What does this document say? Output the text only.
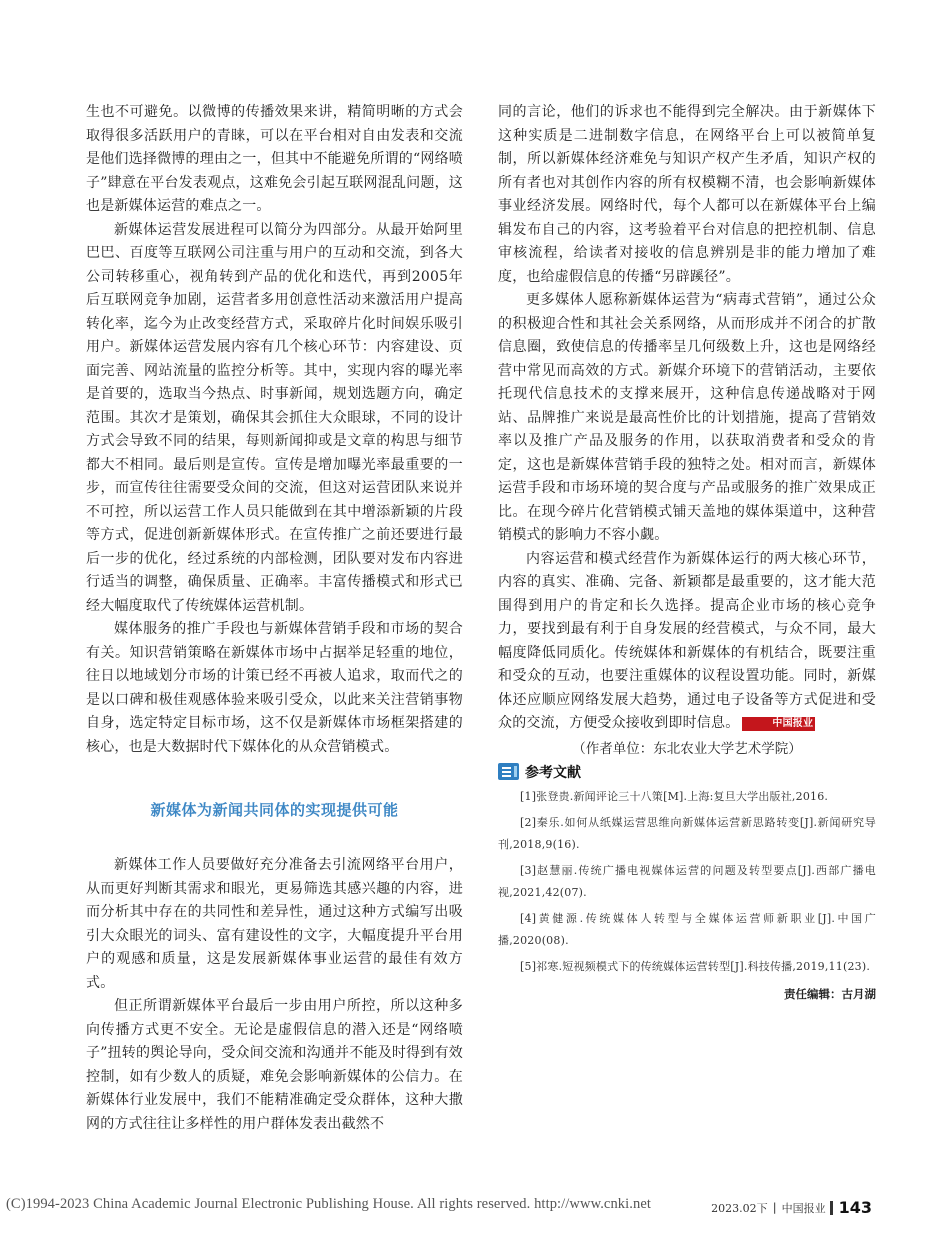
生也不可避免。以微博的传播效果来讲，精简明晰的方式会取得很多活跃用户的青睐，可以在平台相对自由发表和交流是他们选择微博的理由之一，但其中不能避免所谓的“网络喷子”肆意在平台发表观点，这难免会引起互联网混乱问题，这也是新媒体运营的难点之一。

新媒体运营发展进程可以简分为四部分。从最开始阿里巴巴、百度等互联网公司注重与用户的互动和交流，到各大公司转移重心，视角转到产品的优化和迭代，再到2005年后互联网竞争加剧，运营者多用创意性活动来激活用户提高转化率，迄今为止改变经营方式，采取碎片化时间娱乐吸引用户。新媒体运营发展内容有几个核心环节：内容建设、页面完善、网站流量的监控分析等。其中，实现内容的曝光率是首要的，选取当今热点、时事新闻，规划选题方向，确定范围。其次才是策划，确保其会抓住大众眼球，不同的设计方式会导致不同的结果，每则新闻抑或是文章的构思与细节都大不相同。最后则是宣传。宣传是增加曝光率最重要的一步，而宣传往往需要受众间的交流，但这对运营团队来说并不可控，所以运营工作人员只能做到在其中增添新颖的片段等方式，促进创新新媒体形式。在宣传推广之前还要进行最后一步的优化，经过系统的内部检测，团队要对发布内容进行适当的调整，确保质量、正确率。丰富传播模式和形式已经大幅度取代了传统媒体运营机制。

媒体服务的推广手段也与新媒体营销手段和市场的契合有关。知识营销策略在新媒体市场中占据举足轻重的地位，往日以地域划分市场的计策已经不再被人追求，取而代之的是以口碑和极佳观感体验来吸引受众，以此来关注营销事物自身，选定特定目标市场，这不仅是新媒体市场框架搭建的核心，也是大数据时代下媒体化的从众营销模式。

新媒体为新闻共同体的实现提供可能

新媒体工作人员要做好充分准备去引流网络平台用户，从而更好判断其需求和眼光，更易筛选其感兴趣的内容，进而分析其中存在的共同性和差异性，通过这种方式编写出吸引大众眼光的词头、富有建设性的文字，大幅度提升平台用户的观感和质量，这是发展新媒体事业运营的最佳有效方式。

但正所谓新媒体平台最后一步由用户所控，所以这种多向传播方式更不安全。无论是虚假信息的潜入还是“网络喷子”扭转的舆论导向，受众间交流和沟通并不能及时得到有效控制，如有少数人的质疑，难免会影响新媒体的公信力。在新媒体行业发展中，我们不能精准确定受众群体，这种大撒网的方式往往让多样性的用户群体发表出截然不

同的言论，他们的诉求也不能得到完全解决。由于新媒体下这种实质是二进制数字信息，在网络平台上可以被简单复制，所以新媒体经济难免与知识产权产生矛盾，知识产权的所有者也对其创作内容的所有权模糊不清，也会影响新媒体事业经济发展。网络时代，每个人都可以在新媒体平台上编辑发布自己的内容，这考验着平台对信息的把控机制、信息审核流程，给读者对接收的信息辨别是非的能力增加了难度，也给虚假信息的传播“另辟蹊径”。

更多媒体人愿称新媒体运营为“病毒式营销”，通过公众的积极迎合性和其社会关系网络，从而形成并不闭合的扩散信息圈，致使信息的传播率呈几何级数上升，这也是网络经营中常见而高效的方式。新媒介环境下的营销活动，主要依托现代信息技术的支撑来展开，这种信息传递战略对于网站、品牌推广来说是最高性价比的计划措施，提高了营销效率以及推广产品及服务的作用，以获取消费者和受众的肯定，这也是新媒体营销手段的独特之处。相对而言，新媒体运营手段和市场环境的契合度与产品或服务的推广效果成正比。在现今碎片化营销模式铺天盖地的媒体渠道中，这种营销模式的影响力不容小觑。

内容运营和模式经营作为新媒体运行的两大核心环节，内容的真实、准确、完备、新颖都是最重要的，这才能大范围得到用户的肯定和长久选择。提高企业市场的核心竞争力，要找到最有利于自身发展的经营模式，与众不同，最大幅度降低同质化。传统媒体和新媒体的有机结合，既要注重和受众的互动，也要注重媒体的议程设置功能。同时，新媒体还应顺应网络发展大趋势，通过电子设备等方式促进和受众的交流，方便受众接收到即时信息。	中国报业

（作者单位：东北农业大学艺术学院）

参考文献

[1]张登贵.新闻评论三十八策[M].上海:复旦大学出版社,2016.

[2]秦乐.如何从纸媒运营思维向新媒体运营新思路转变[J].新闻研究导刊,2018,9(16).

[3]赵慧丽.传统广播电视媒体运营的问题及转型要点[J].西部广播电视,2021,42(07).

[4]黄健源.传统媒体人转型与全媒体运营师新职业[J].中国广播,2020(08).

[5]祁寒.短视频模式下的传统媒体运营转型[J].科技传播,2019,11(23).

责任编辑：古月湖
(C)1994-2023 China Academic Journal Electronic Publishing House. All rights reserved. http://www.cnki.net	2023.02下 | 中国报业 143
